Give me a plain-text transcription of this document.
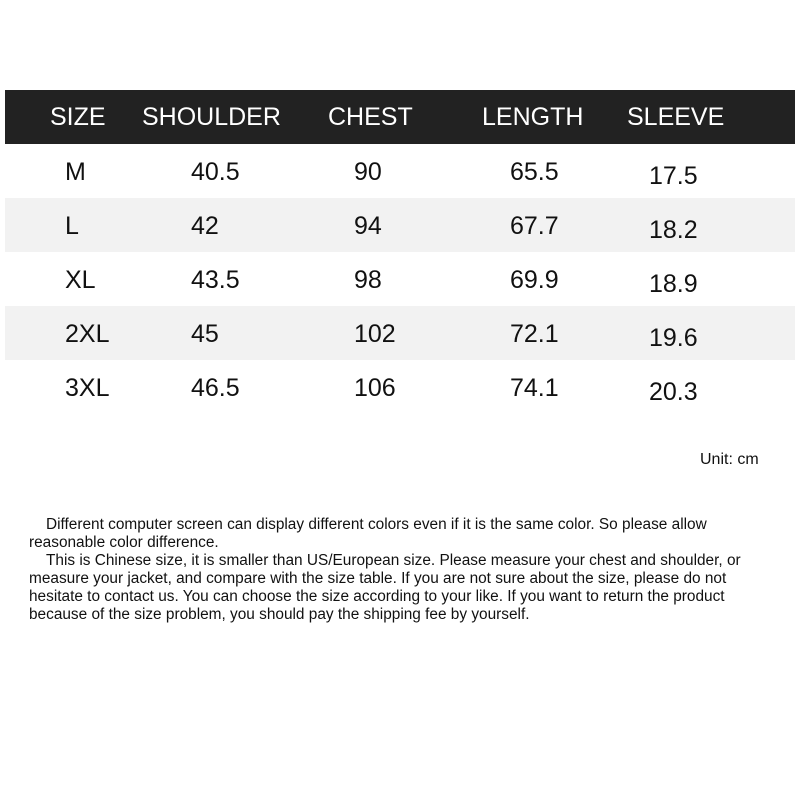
SIZE SHOULDER CHEST	LENGTH SLEEVE
M	40.5	90	65.5	17.5
L	42	94	67.7	18.2
XL	43.5	98	69.9	18.9
2XL	45	102	72.1	19.6
3XL	46.5	106	74.1	20.3
Unit: cm

Different computer screen can display different colors even if it is the same color. So please allow reasonable color difference.

This is Chinese size, it is smaller than US/European size. Please measure your chest and shoulder, or measure your jacket, and compare with the size table. If you are not sure about the size, please do not hesitate to contact us. You can choose the size according to your like. If you want to return the product because of the size problem, you should pay the shipping fee by yourself.
